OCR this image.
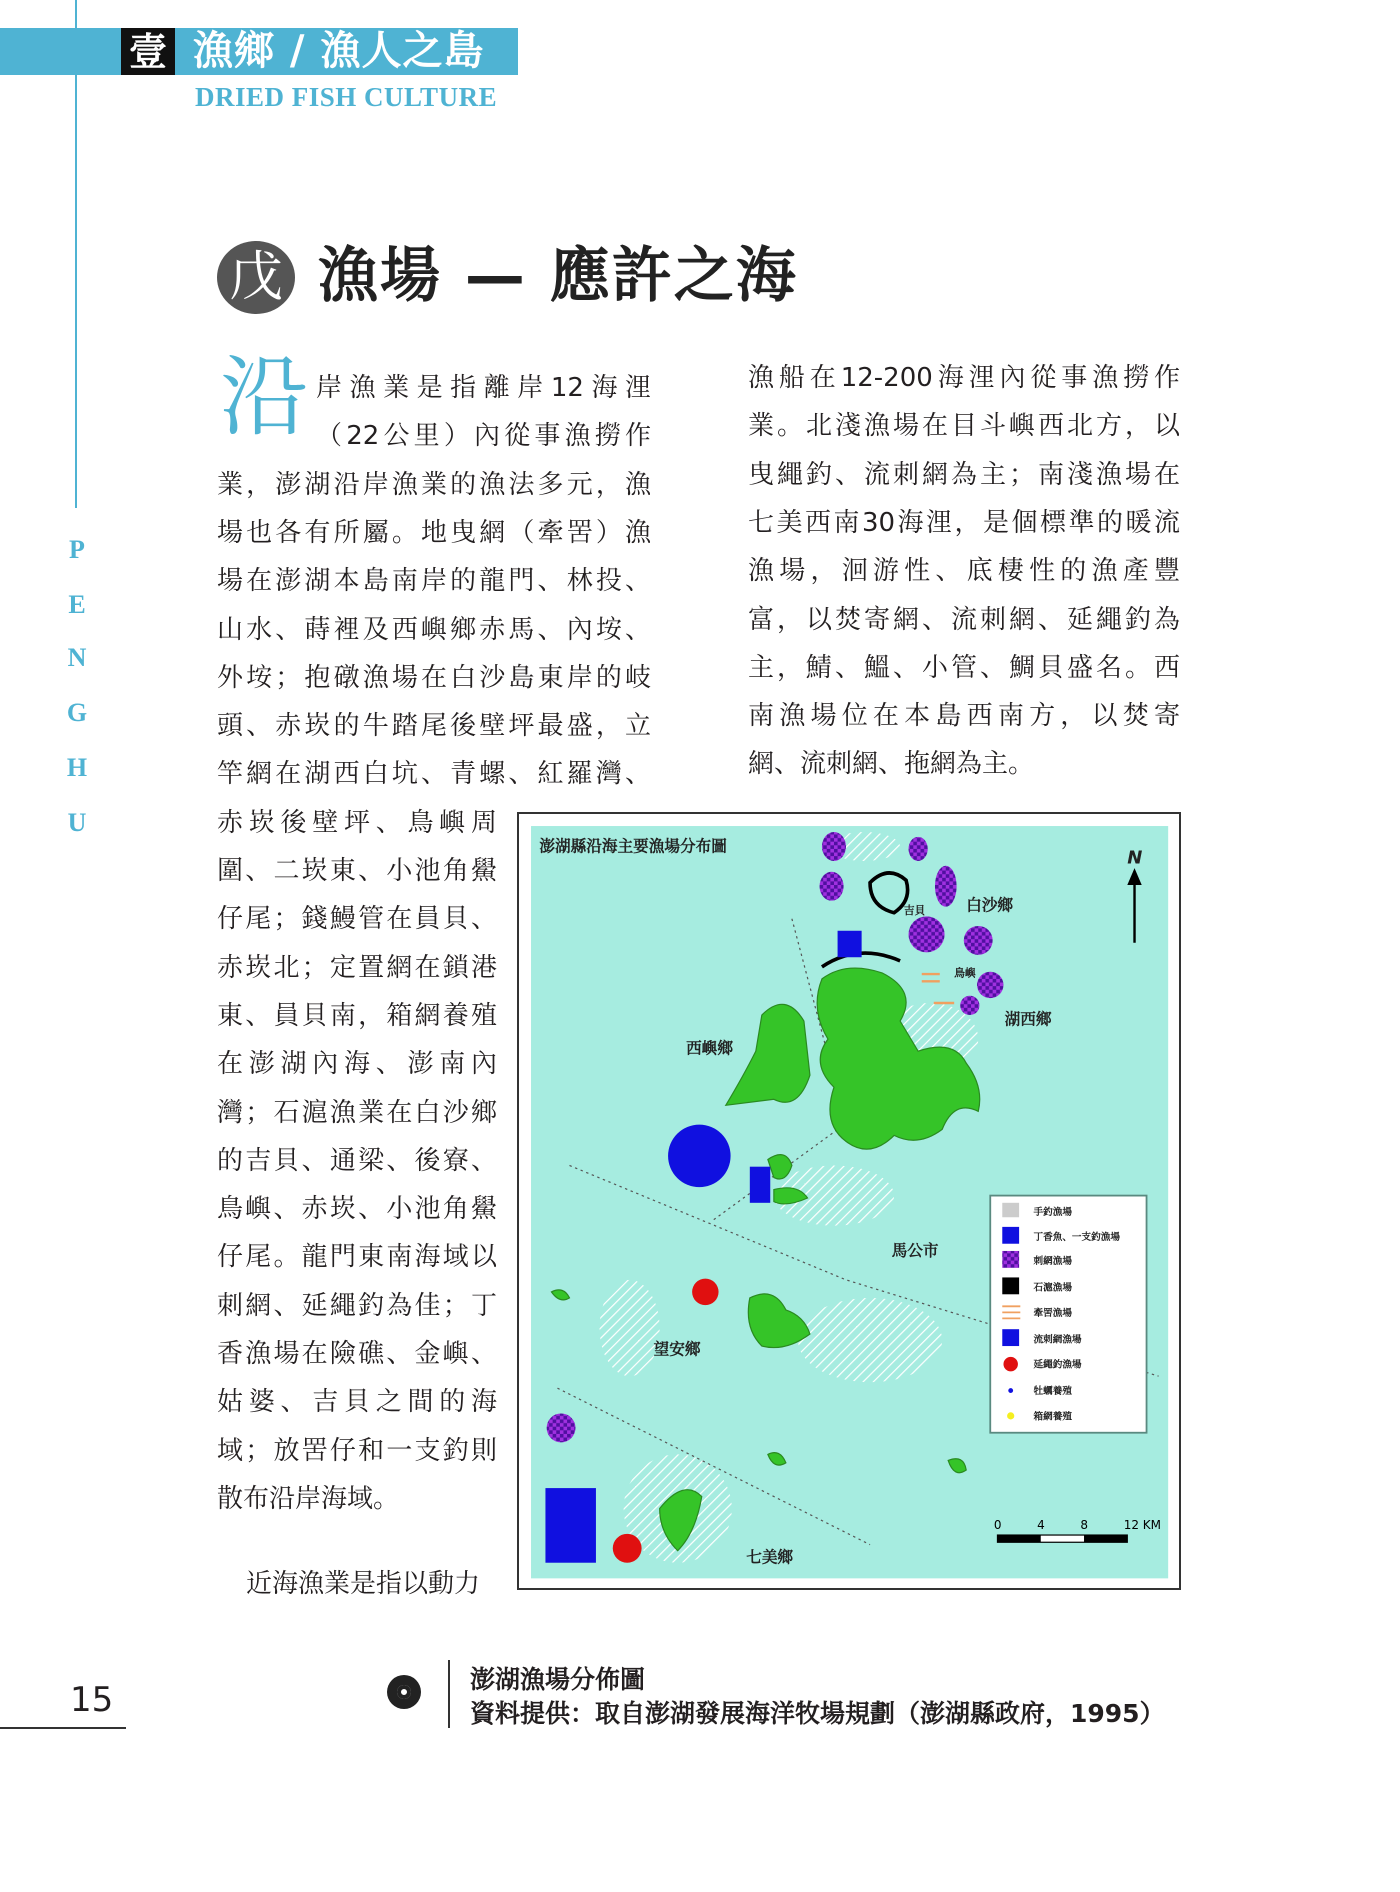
壹 漁鄉 / 漁人之島
DRIED FISH CULTURE
P
E
N
G
H
U
戊 漁場 — 應許之海
沿 岸漁業是指離岸12海浬
（22公里）內從事漁撈作
業，澎湖沿岸漁業的漁法多元，漁
場也各有所屬。地曳網（牽罟）漁
場在澎湖本島南岸的龍門、林投、
山水、蒔裡及西嶼鄉赤馬、內垵、
外垵；抱礅漁場在白沙島東岸的岐
頭、赤崁的牛踏尾後壁坪最盛，立
竿網在湖西白坑、青螺、紅羅灣、
赤崁後壁坪、鳥嶼周
圍、二崁東、小池角鱟
仔尾；錢鰻管在員貝、
赤崁北；定置網在鎖港
東、員貝南，箱網養殖
在澎湖內海、澎南內
灣；石滬漁業在白沙鄉
的吉貝、通梁、後寮、
鳥嶼、赤崁、小池角鱟
仔尾。龍門東南海域以
刺網、延繩釣為佳；丁
香漁場在險礁、金嶼、
姑婆、吉貝之間的海
域；放罟仔和一支釣則
散布沿岸海域。
漁船在12-200海浬內從事漁撈作
業。北淺漁場在目斗嶼西北方，以
曳繩釣、流刺網為主；南淺漁場在
七美西南30海浬，是個標準的暖流
漁場，洄游性、底棲性的漁產豐
富，以焚寄網、流刺網、延繩釣為
主，鯖、鰮、小管、鯛貝盛名。西
南漁場位在本島西南方，以焚寄
網、流刺網、拖網為主。
近海漁業是指以動力
澎湖縣沿海主要漁場分布圖
N
白沙鄉
湖西鄉
西嶼鄉
馬公市
望安鄉
七美鄉
吉貝
鳥嶼
0	4	8	12 KM
手釣漁場
丁香魚、一支釣漁場
刺網漁場
石滬漁場
牽罟漁場
流刺網漁場
延繩釣漁場
牡蠣養殖
箱網養殖
澎湖漁場分佈圖
資料提供：取自澎湖發展海洋牧場規劃（澎湖縣政府，1995）
15
